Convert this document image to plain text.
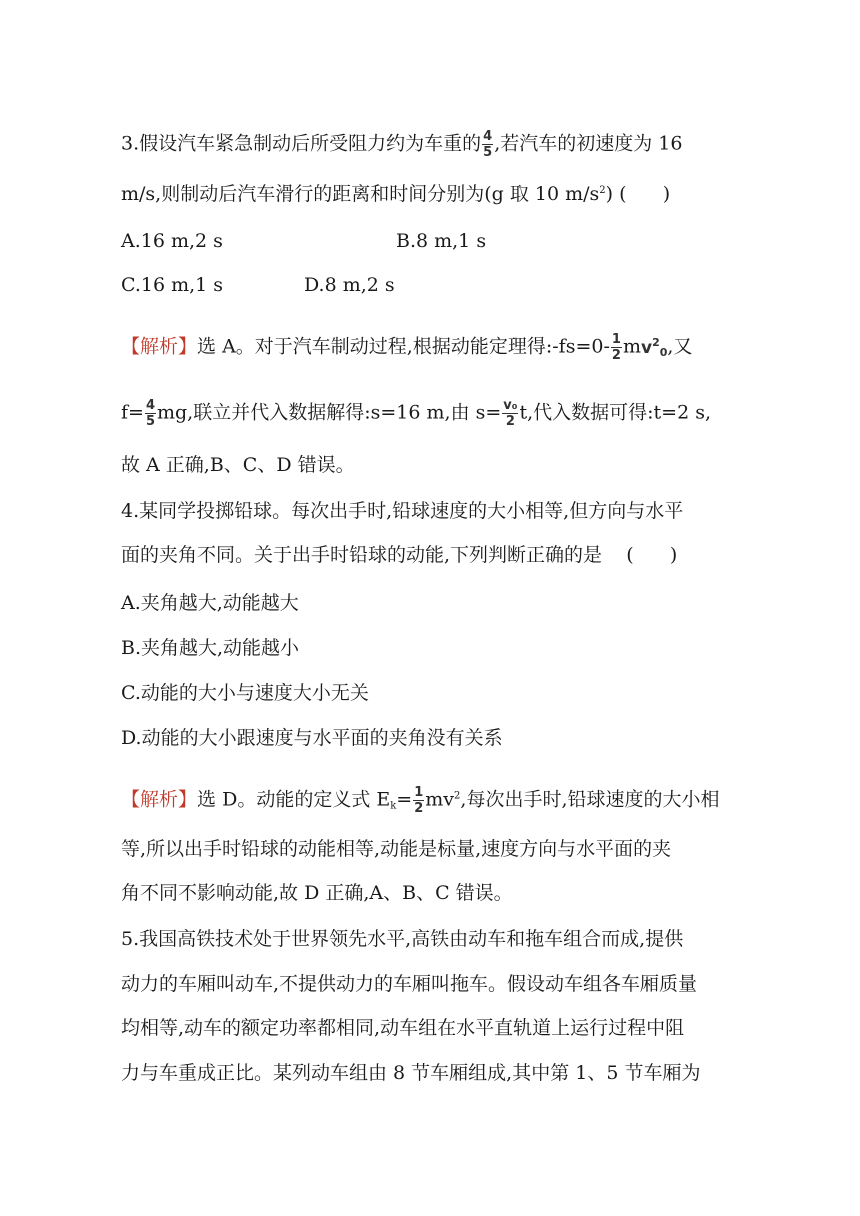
3.假设汽车紧急制动后所受阻力约为车重的 $\frac{4}{5}$ ,若汽车的初速度为 16
m/s,则制动后汽车滑行的距离和时间分别为(g 取 10 $m/s^2$) (      )
A.16 m,2 s	B.8 m,1 s
C.16 m,1 s	D.8 m,2 s
【解析】选 A。对于汽车制动过程,根据动能定理得:-fs=0- $\frac{1}{2} mv^2_0$,又
$f= \frac{4}{5}$ mg,联立并代入数据解得:s=16 m,由 $s= \frac{\text{v₀}}{2} t$,代入数据可得:t=2 s,
故 A 正确,B、C、D 错误。
4.某同学投掷铅球。每次出手时,铅球速度的大小相等,但方向与水平
面的夹角不同。关于出手时铅球的动能,下列判断正确的是    (      )
A.夹角越大,动能越大
B.夹角越大,动能越小
C.动能的大小与速度大小无关
D.动能的大小跟速度与水平面的夹角没有关系
【解析】选 D。动能的定义式 $E_k= \frac{1}{2} mv^2$,每次出手时,铅球速度的大小相
等,所以出手时铅球的动能相等,动能是标量,速度方向与水平面的夹
角不同不影响动能,故 D 正确,A、B、C 错误。
5.我国高铁技术处于世界领先水平,高铁由动车和拖车组合而成,提供
动力的车厢叫动车,不提供动力的车厢叫拖车。假设动车组各车厢质量
均相等,动车的额定功率都相同,动车组在水平直轨道上运行过程中阻
力与车重成正比。某列动车组由 8 节车厢组成,其中第 1、5 节车厢为
